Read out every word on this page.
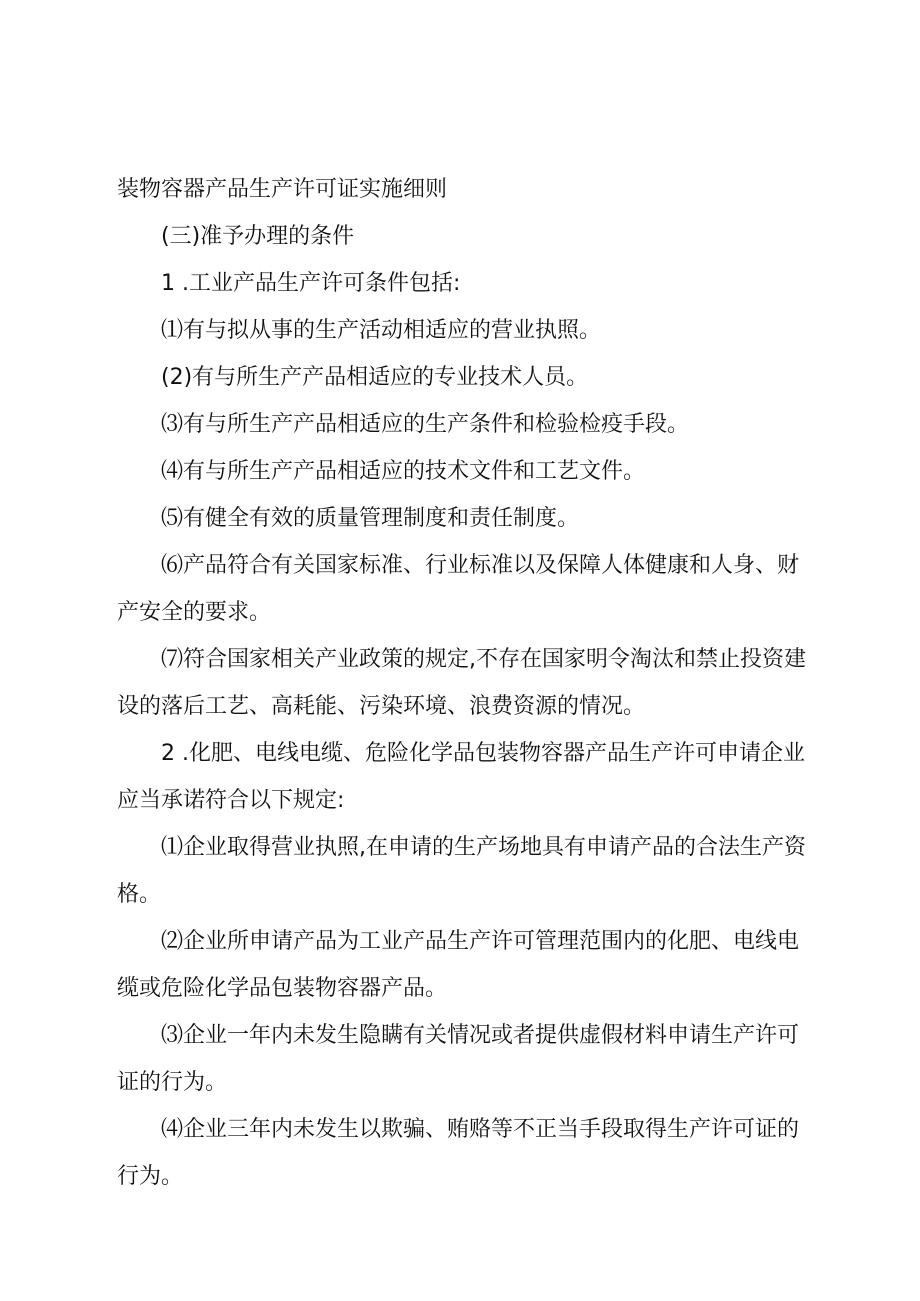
装物容器产品生产许可证实施细则

(三)准予办理的条件

1 .工业产品生产许可条件包括:

⑴有与拟从事的生产活动相适应的营业执照。

(2)有与所生产产品相适应的专业技术人员。

⑶有与所生产产品相适应的生产条件和检验检疫手段。

⑷有与所生产产品相适应的技术文件和工艺文件。

⑸有健全有效的质量管理制度和责任制度。

⑹产品符合有关国家标准、行业标准以及保障人体健康和人身、财产安全的要求。

⑺符合国家相关产业政策的规定,不存在国家明令淘汰和禁止投资建设的落后工艺、高耗能、污染环境、浪费资源的情况。

2 .化肥、电线电缆、危险化学品包装物容器产品生产许可申请企业应当承诺符合以下规定:

⑴企业取得营业执照,在申请的生产场地具有申请产品的合法生产资格。

⑵企业所申请产品为工业产品生产许可管理范围内的化肥、电线电缆或危险化学品包装物容器产品。

⑶企业一年内未发生隐瞒有关情况或者提供虚假材料申请生产许可证的行为。

⑷企业三年内未发生以欺骗、贿赂等不正当手段取得生产许可证的行为。
